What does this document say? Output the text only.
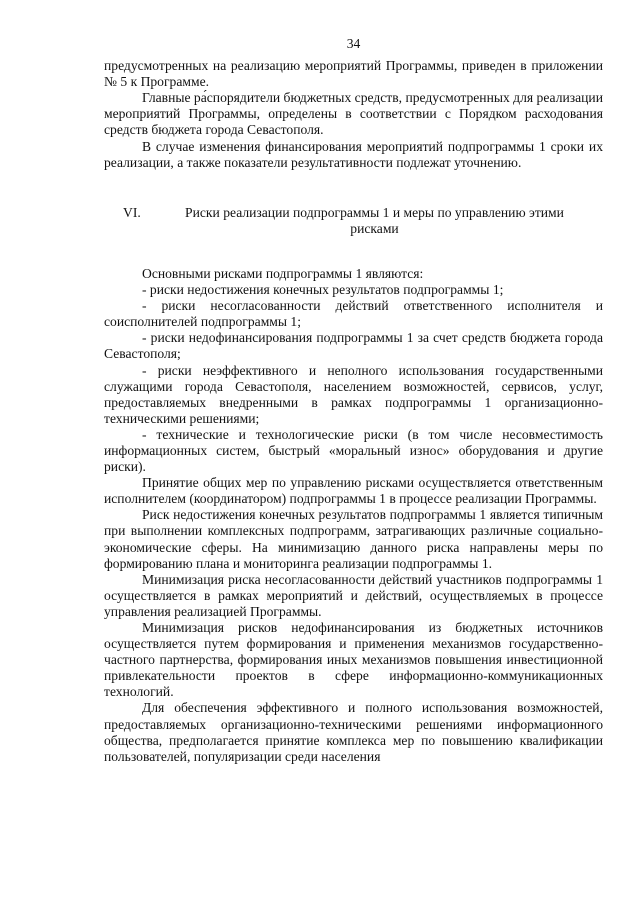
34

предусмотренных на реализацию мероприятий Программы, приведен в приложении № 5 к Программе.

Главные ра́спорядители бюджетных средств, предусмотренных для реализации мероприятий Программы, определены в соответствии с Порядком расходования средств бюджета города Севастополя.

В случае изменения финансирования мероприятий подпрограммы 1 сроки их реализации, а также показатели результативности подлежат уточнению.

VI.	Риски реализации подпрограммы 1 и меры по управлению этими рисками

Основными рисками подпрограммы 1 являются:

- риски недостижения конечных результатов подпрограммы 1;

- риски несогласованности действий ответственного исполнителя и соисполнителей подпрограммы 1;

- риски недофинансирования подпрограммы 1 за счет средств бюджета города Севастополя;

- риски неэффективного и неполного использования государственными служащими города Севастополя, населением возможностей, сервисов, услуг, предоставляемых внедренными в рамках подпрограммы 1 организационно-техническими решениями;

- технические и технологические риски (в том числе несовместимость информационных систем, быстрый «моральный износ» оборудования и другие риски).

Принятие общих мер по управлению рисками осуществляется ответственным исполнителем (координатором) подпрограммы 1 в процессе реализации Программы.

Риск недостижения конечных результатов подпрограммы 1 является типичным при выполнении комплексных подпрограмм, затрагивающих различные социально-экономические сферы. На минимизацию данного риска направлены меры по формированию плана и мониторинга реализации подпрограммы 1.

Минимизация риска несогласованности действий участников подпрограммы 1 осуществляется в рамках мероприятий и действий, осуществляемых в процессе управления реализацией Программы.

Минимизация рисков недофинансирования из бюджетных источников осуществляется путем формирования и применения механизмов государственно-частного партнерства, формирования иных механизмов повышения инвестиционной привлекательности проектов в сфере информационно-коммуникационных технологий.

Для обеспечения эффективного и полного использования возможностей, предоставляемых организационно-техническими решениями информационного общества, предполагается принятие комплекса мер по повышению квалификации пользователей, популяризации среди населения
